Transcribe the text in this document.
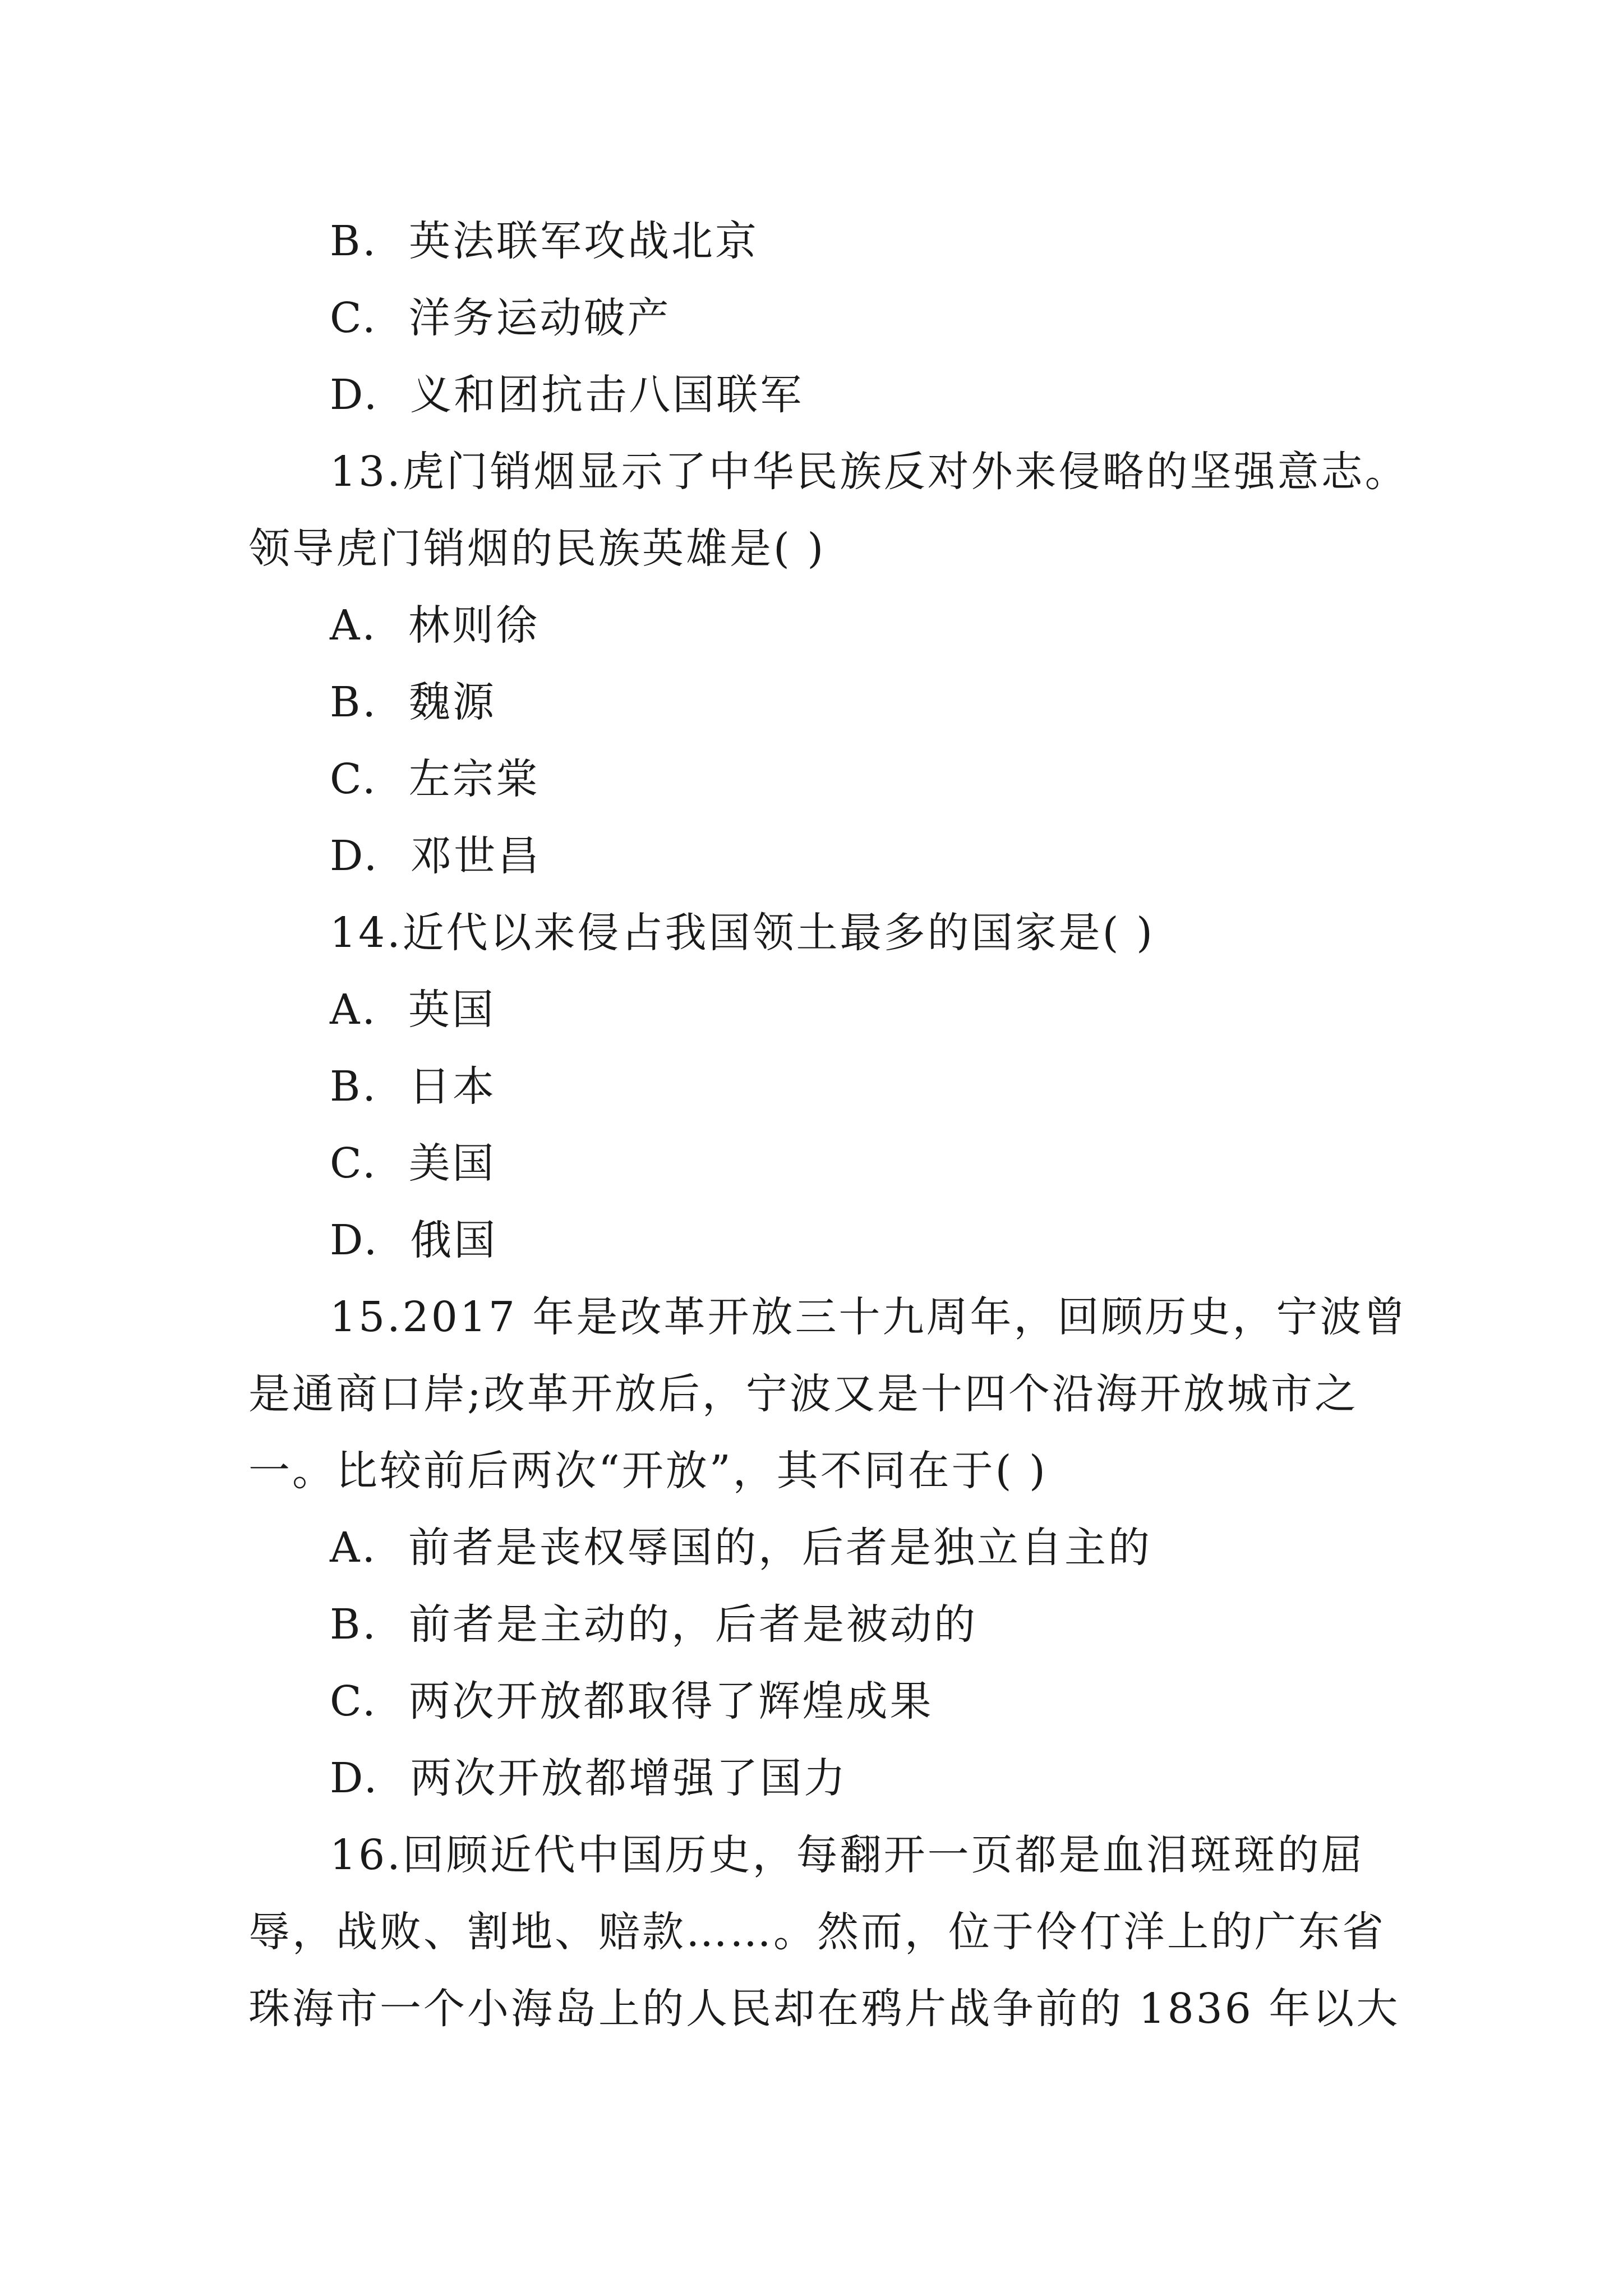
B. 英法联军攻战北京
C. 洋务运动破产
D. 义和团抗击八国联军
13.虎门销烟显示了中华民族反对外来侵略的坚强意志。
领导虎门销烟的民族英雄是( )
A. 林则徐
B. 魏源
C. 左宗棠
D. 邓世昌
14.近代以来侵占我国领土最多的国家是( )
A. 英国
B. 日本
C. 美国
D. 俄国
15.2017 年是改革开放三十九周年，回顾历史，宁波曾
是通商口岸;改革开放后，宁波又是十四个沿海开放城市之
一。比较前后两次“开放”，其不同在于( )
A. 前者是丧权辱国的，后者是独立自主的
B. 前者是主动的，后者是被动的
C. 两次开放都取得了辉煌成果
D. 两次开放都增强了国力
16.回顾近代中国历史，每翻开一页都是血泪斑斑的屈
辱，战败、割地、赔款……。然而，位于伶仃洋上的广东省
珠海市一个小海岛上的人民却在鸦片战争前的 1836 年以大
